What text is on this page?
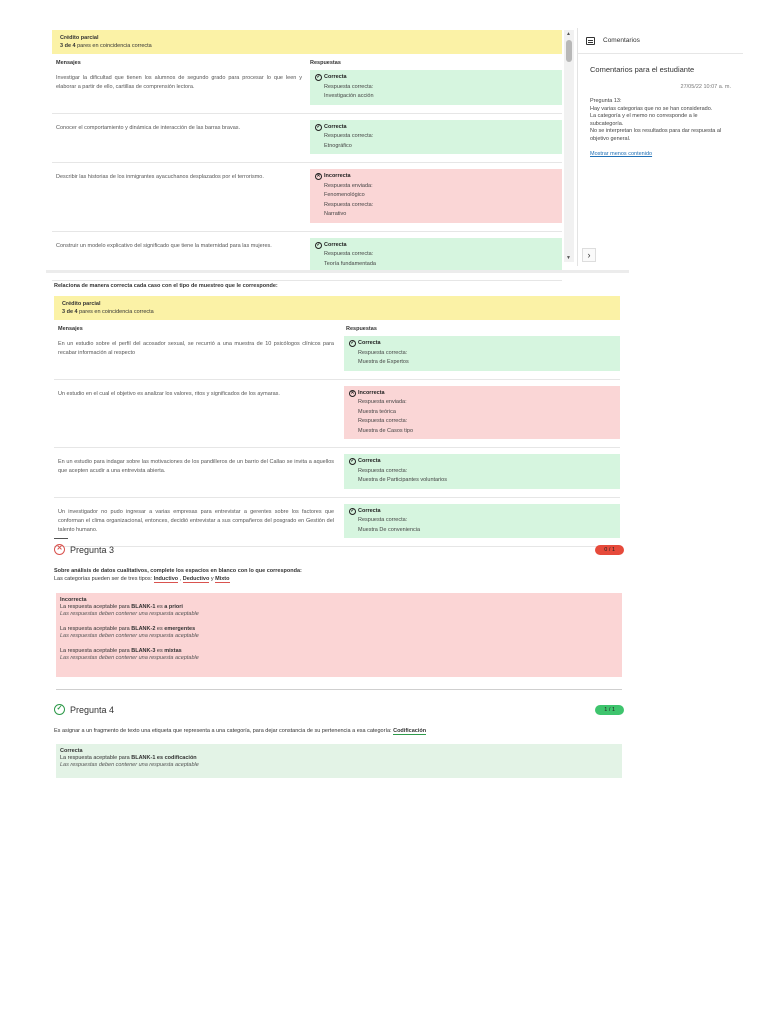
Crédito parcial
3 de 4 pares en coincidencia correcta
Mensajes	Respuestas
Investigar la dificultad que tienen los alumnos de segundo grado para procesar lo que leen y elaborar a partir de ello, cartillas de comprensión lectora.
✓ Correcta
Respuesta correcta:
Investigación acción
Conocer el comportamiento y dinámica de interacción de las barras bravas.	✓ Correcta
Respuesta correcta:
Etnográfico
Describir las historias de los inmigrantes ayacuchanos desplazados por el terrorismo.	✕ Incorrecta
Respuesta enviada:
Fenomenológico
Respuesta correcta:
Narrativo
Construir un modelo explicativo del significado que tiene la maternidad para las mujeres.	✓ Correcta
Respuesta correcta:
Teoría fundamentada
▲
▼
Comentarios
Comentarios para el estudiante
27/05/22 10:07 a. m.
Pregunta 13:
Hay varias categorias que no se han considerado.
La categoría y el memo no corresponde a le subcategoría.
No se interpretan los resultados para dar respuesta al objetivo general.
Mostrar menos contenido
›
Relaciona de manera correcta cada caso con el tipo de muestreo que le corresponde:
Crédito parcial
3 de 4 pares en coincidencia correcta
Mensajes	Respuestas
En un estudio sobre el perfil del acosador sexual, se recurrió a una muestra de 10 psicólogos clínicos para recabar información al respecto
✓ Correcta
Respuesta correcta:
Muestra de Expertos
Un estudio en el cual el objetivo es analizar los valores, ritos y significados de los aymaras.	✕ Incorrecta
Respuesta enviada:
Muestra teórica
Respuesta correcta:
Muestra de Casos tipo
En un estudio para indagar sobre las motivaciones de los pandilleros de un barrio del Callao se invita a aquellos que acepten acudir a una entrevista abierta.
✓ Correcta
Respuesta correcta:
Muestra de Participantes voluntarios
Un investigador no pudo ingresar a varias empresas para entrevistar a gerentes sobre los factores que conforman el clima organizacional, entonces, decidió entrevistar a sus compañeros del posgrado en Gestión del talento humano.
✓ Correcta
Respuesta correcta:
Muestra De conveniencia
✕ Pregunta 3	0 / 1
Sobre análisis de datos cualitativos, complete los espacios en blanco con lo que corresponda:
Las categorías pueden ser de tres tipos: Inductivo , Deductivo y Mixto
Incorrecta
La respuesta aceptable para BLANK-1 es a priori
Las respuestas deben contener una respuesta aceptable
La respuesta aceptable para BLANK-2 es emergentes
Las respuestas deben contener una respuesta aceptable
La respuesta aceptable para BLANK-3 es mixtas
Las respuestas deben contener una respuesta aceptable
✓ Pregunta 4	1 / 1
Es asignar a un fragmento de texto una etiqueta que representa a una categoría, para dejar constancia de su pertenencia a esa categoría: Codificación
Correcta
La respuesta aceptable para BLANK-1 es codificación
Las respuestas deben contener una respuesta aceptable
